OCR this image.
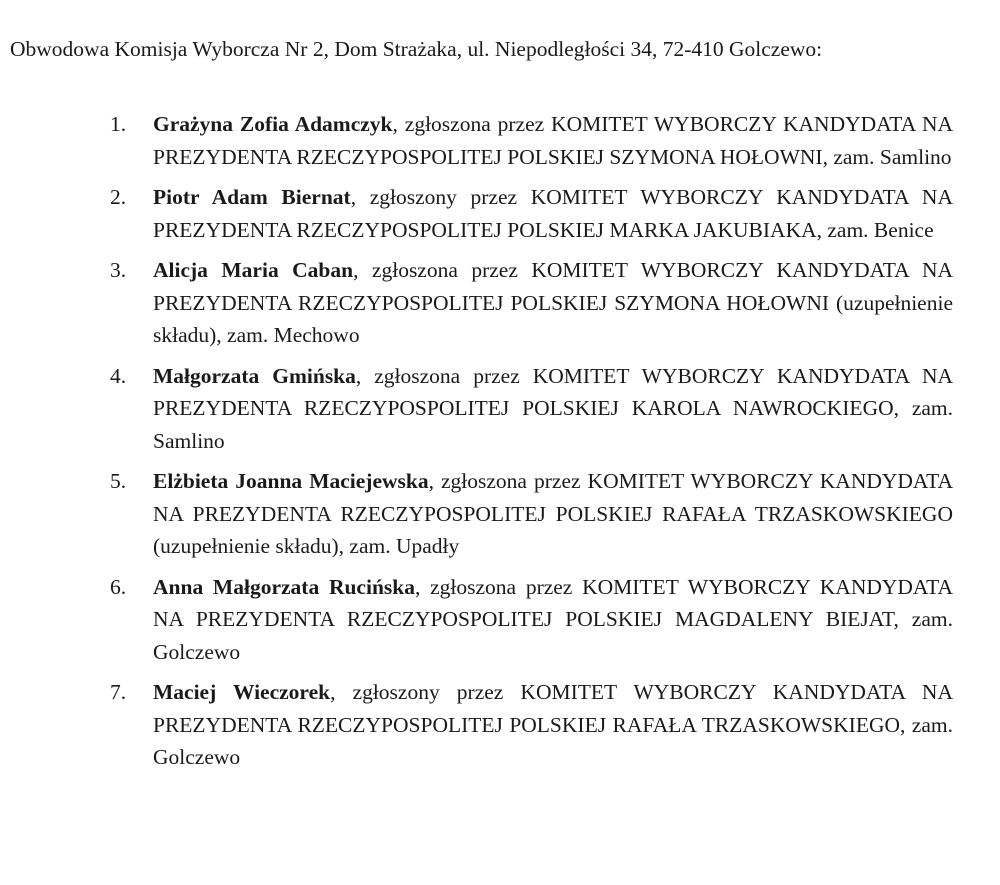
Obwodowa Komisja Wyborcza Nr 2, Dom Strażaka, ul. Niepodległości 34, 72-410 Golczewo:

1.	Grażyna Zofia Adamczyk, zgłoszona przez KOMITET WYBORCZY KANDYDATA NA PREZYDENTA RZECZYPOSPOLITEJ POLSKIEJ SZYMONA HOŁOWNI, zam. Samlino
2.	Piotr Adam Biernat, zgłoszony przez KOMITET WYBORCZY KANDYDATA NA PREZYDENTA RZECZYPOSPOLITEJ POLSKIEJ MARKA JAKUBIAKA, zam. Benice
3.	Alicja Maria Caban, zgłoszona przez KOMITET WYBORCZY KANDYDATA NA PREZYDENTA RZECZYPOSPOLITEJ POLSKIEJ SZYMONA HOŁOWNI (uzupełnienie składu), zam. Mechowo
4.	Małgorzata Gmińska, zgłoszona przez KOMITET WYBORCZY KANDYDATA NA PREZYDENTA RZECZYPOSPOLITEJ POLSKIEJ KAROLA NAWROCKIEGO, zam. Samlino
5.	Elżbieta Joanna Maciejewska, zgłoszona przez KOMITET WYBORCZY KANDYDATA NA PREZYDENTA RZECZYPOSPOLITEJ POLSKIEJ RAFAŁA TRZASKOWSKIEGO (uzupełnienie składu), zam. Upadły
6.	Anna Małgorzata Rucińska, zgłoszona przez KOMITET WYBORCZY KANDYDATA NA PREZYDENTA RZECZYPOSPOLITEJ POLSKIEJ MAGDALENY BIEJAT, zam. Golczewo
7.	Maciej Wieczorek, zgłoszony przez KOMITET WYBORCZY KANDYDATA NA PREZYDENTA RZECZYPOSPOLITEJ POLSKIEJ RAFAŁA TRZASKOWSKIEGO, zam. Golczewo
